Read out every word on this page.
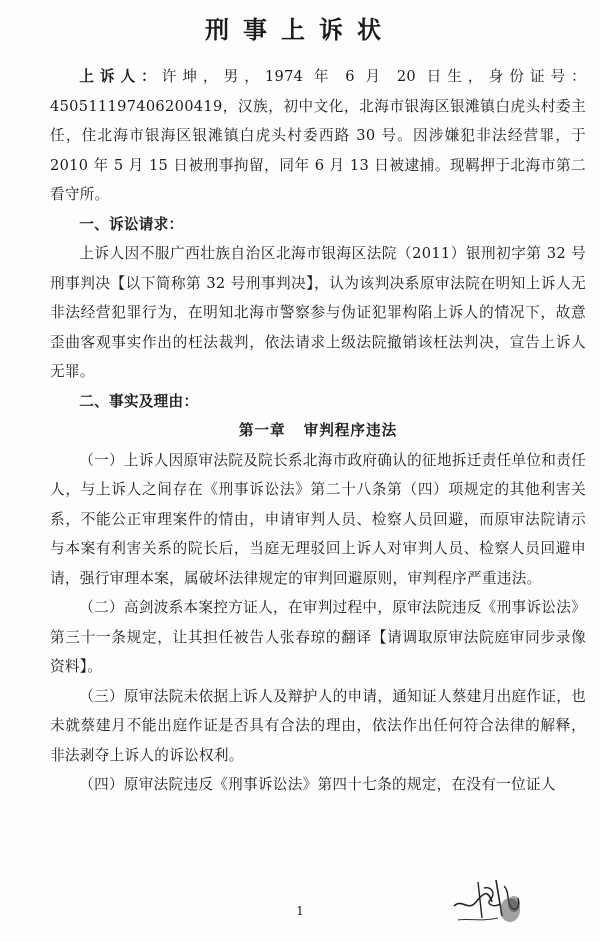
刑事上诉状

上诉人：许坤，男，1974 年 6 月 20 日生，身份证号：450511197406200419，汉族，初中文化，北海市银海区银滩镇白虎头村委主任，住北海市银海区银滩镇白虎头村委西路 30 号。因涉嫌犯非法经营罪，于 2010 年 5 月 15 日被刑事拘留，同年 6 月 13 日被逮捕。现羁押于北海市第二看守所。

一、诉讼请求：

上诉人因不服广西壮族自治区北海市银海区法院（2011）银刑初字第 32 号刑事判决【以下简称第 32 号刑事判决】，认为该判决系原审法院在明知上诉人无非法经营犯罪行为，在明知北海市警察参与伪证犯罪构陷上诉人的情况下，故意歪曲客观事实作出的枉法裁判，依法请求上级法院撤销该枉法判决，宣告上诉人无罪。

二、事实及理由：

第一章 审判程序违法

（一）上诉人因原审法院及院长系北海市政府确认的征地拆迁责任单位和责任人，与上诉人之间存在《刑事诉讼法》第二十八条第（四）项规定的其他利害关系，不能公正审理案件的情由，申请审判人员、检察人员回避，而原审法院请示与本案有利害关系的院长后，当庭无理驳回上诉人对审判人员、检察人员回避申请，强行审理本案，属破坏法律规定的审判回避原则，审判程序严重违法。

（二）高剑波系本案控方证人，在审判过程中，原审法院违反《刑事诉讼法》第三十一条规定，让其担任被告人张春琼的翻译【请调取原审法院庭审同步录像资料】。

（三）原审法院未依据上诉人及辩护人的申请，通知证人蔡建月出庭作证，也未就蔡建月不能出庭作证是否具有合法的理由，依法作出任何符合法律的解释，非法剥夺上诉人的诉讼权利。

（四）原审法院违反《刑事诉讼法》第四十七条的规定，在没有一位证人

1
